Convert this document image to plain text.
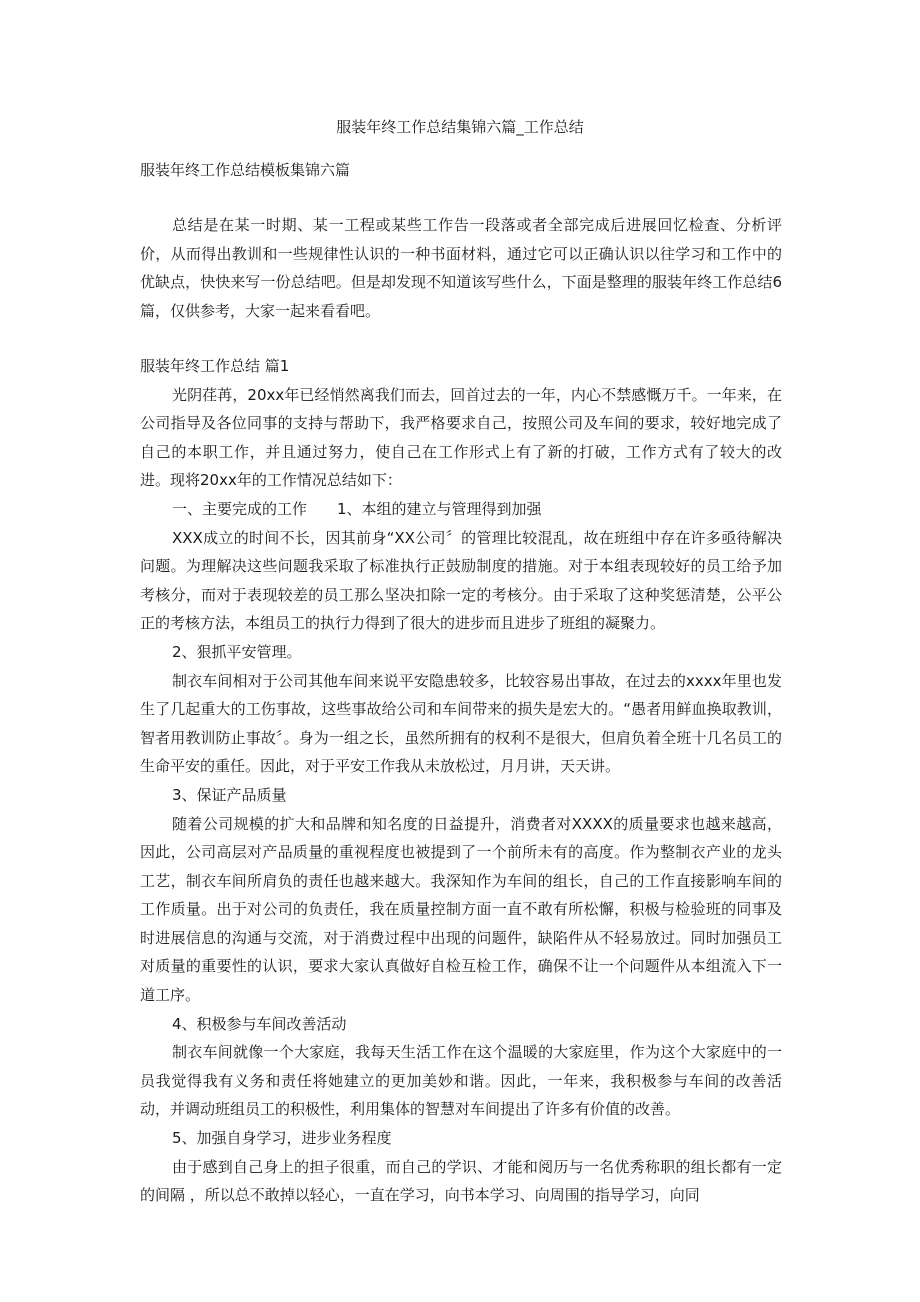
服装年终工作总结集锦六篇_工作总结
服装年终工作总结模板集锦六篇

总结是在某一时期、某一工程或某些工作告一段落或者全部完成后进展回忆检查、分析评价，从而得出教训和一些规律性认识的一种书面材料，通过它可以正确认识以往学习和工作中的优缺点，快快来写一份总结吧。但是却发现不知道该写些什么，下面是整理的服装年终工作总结6篇，仅供参考，大家一起来看看吧。

服装年终工作总结 篇1

光阴荏苒，20xx年已经悄然离我们而去，回首过去的一年，内心不禁感慨万千。一年来，在公司指导及各位同事的支持与帮助下，我严格要求自己，按照公司及车间的要求，较好地完成了自己的本职工作，并且通过努力，使自己在工作形式上有了新的打破，工作方式有了较大的改进。现将20xx年的工作情况总结如下：

一、主要完成的工作 1、本组的建立与管理得到加强

XXX成立的时间不长，因其前身“XX公司〞的管理比较混乱，故在班组中存在许多亟待解决问题。为理解决这些问题我采取了标准执行正鼓励制度的措施。对于本组表现较好的员工给予加考核分，而对于表现较差的员工那么坚决扣除一定的考核分。由于采取了这种奖惩清楚，公平公正的考核方法，本组员工的执行力得到了很大的进步而且进步了班组的凝聚力。

2、狠抓平安管理。

制衣车间相对于公司其他车间来说平安隐患较多，比较容易出事故，在过去的xxxx年里也发生了几起重大的工伤事故，这些事故给公司和车间带来的损失是宏大的。“愚者用鲜血换取教训，智者用教训防止事故〞。身为一组之长，虽然所拥有的权利不是很大，但肩负着全班十几名员工的生命平安的重任。因此，对于平安工作我从未放松过，月月讲，天天讲。

3、保证产品质量

随着公司规模的扩大和品牌和知名度的日益提升，消费者对XXXX的质量要求也越来越高，因此，公司高层对产品质量的重视程度也被提到了一个前所未有的高度。作为整制衣产业的龙头工艺，制衣车间所肩负的责任也越来越大。我深知作为车间的组长，自己的工作直接影响车间的工作质量。出于对公司的负责任，我在质量控制方面一直不敢有所松懈，积极与检验班的同事及时进展信息的沟通与交流，对于消费过程中出现的问题件，缺陷件从不轻易放过。同时加强员工对质量的重要性的认识，要求大家认真做好自检互检工作，确保不让一个问题件从本组流入下一道工序。

4、积极参与车间改善活动

制衣车间就像一个大家庭，我每天生活工作在这个温暖的大家庭里，作为这个大家庭中的一员我觉得我有义务和责任将她建立的更加美妙和谐。因此，一年来，我积极参与车间的改善活动，并调动班组员工的积极性，利用集体的智慧对车间提出了许多有价值的改善。

5、加强自身学习，进步业务程度

由于感到自己身上的担子很重，而自己的学识、才能和阅历与一名优秀称职的组长都有一定的间隔 ，所以总不敢掉以轻心，一直在学习，向书本学习、向周围的指导学习，向同
